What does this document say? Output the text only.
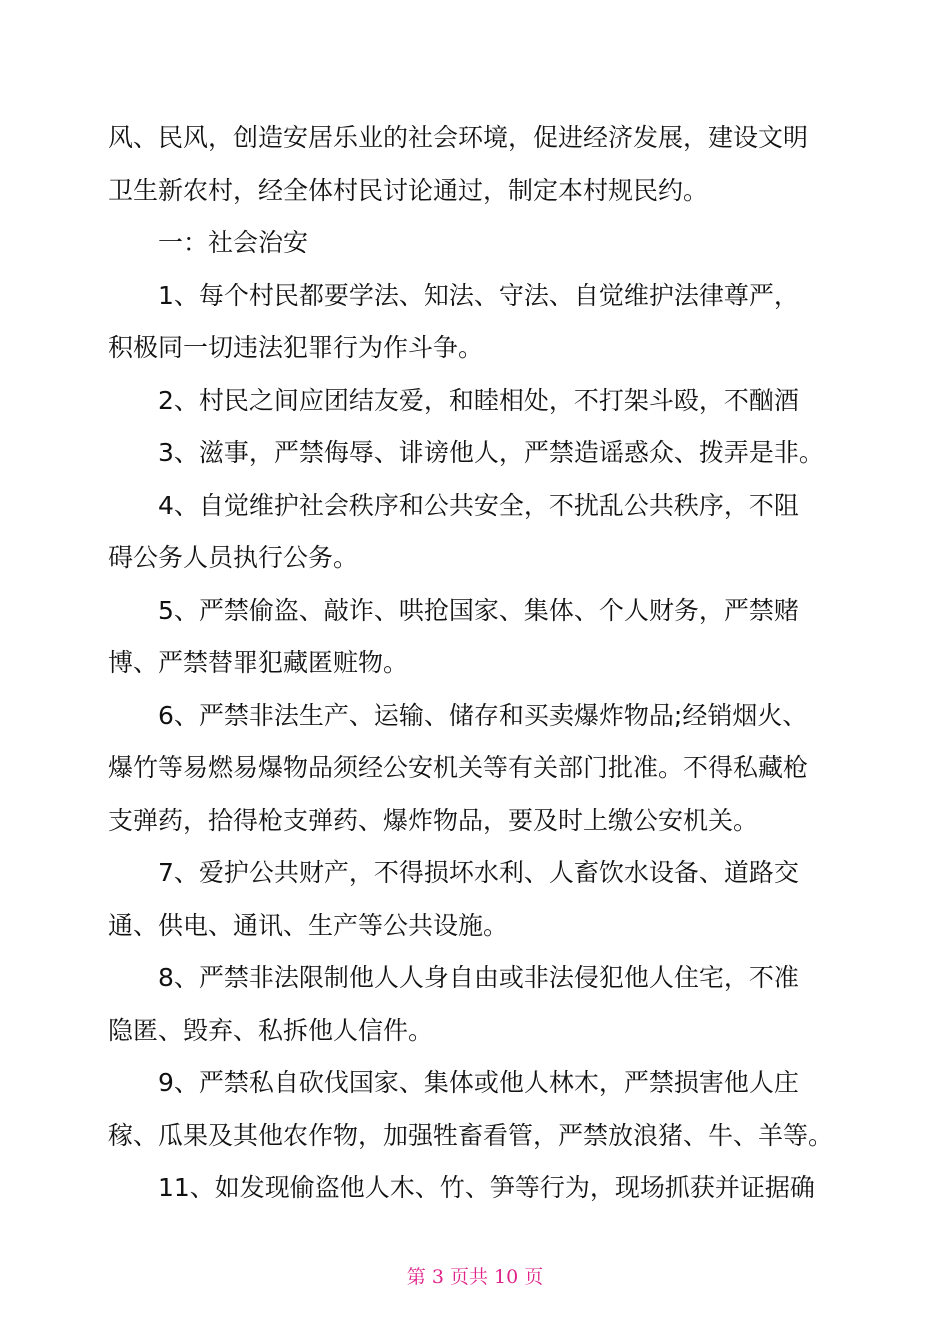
风、民风，创造安居乐业的社会环境，促进经济发展，建设文明
卫生新农村，经全体村民讨论通过，制定本村规民约。
一：社会治安
1、每个村民都要学法、知法、守法、自觉维护法律尊严，
积极同一切违法犯罪行为作斗争。
2、村民之间应团结友爱，和睦相处，不打架斗殴，不酗酒
3、滋事，严禁侮辱、诽谤他人，严禁造谣惑众、拨弄是非。
4、自觉维护社会秩序和公共安全，不扰乱公共秩序，不阻
碍公务人员执行公务。
5、严禁偷盗、敲诈、哄抢国家、集体、个人财务，严禁赌
博、严禁替罪犯藏匿赃物。
6、严禁非法生产、运输、储存和买卖爆炸物品;经销烟火、
爆竹等易燃易爆物品须经公安机关等有关部门批准。不得私藏枪
支弹药，拾得枪支弹药、爆炸物品，要及时上缴公安机关。
7、爱护公共财产，不得损坏水利、人畜饮水设备、道路交
通、供电、通讯、生产等公共设施。
8、严禁非法限制他人人身自由或非法侵犯他人住宅，不准
隐匿、毁弃、私拆他人信件。
9、严禁私自砍伐国家、集体或他人林木，严禁损害他人庄
稼、瓜果及其他农作物，加强牲畜看管，严禁放浪猪、牛、羊等。
11、如发现偷盗他人木、竹、笋等行为，现场抓获并证据确
第 3 页共 10 页
